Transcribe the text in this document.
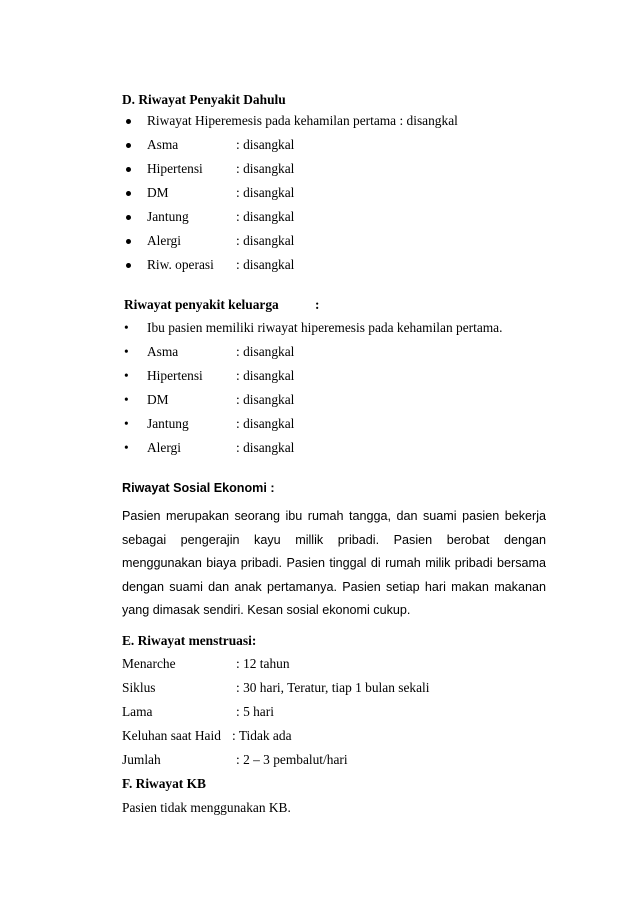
D. Riwayat Penyakit Dahulu
Riwayat Hiperemesis pada kehamilan pertama : disangkal
Asma	: disangkal
Hipertensi : disangkal
DM	: disangkal
Jantung	: disangkal
Alergi	: disangkal
Riw. operasi : disangkal
Riwayat penyakit keluarga	:
• Ibu pasien memiliki riwayat hiperemesis pada kehamilan pertama.
• Asma	: disangkal
• Hipertensi : disangkal
• DM	: disangkal
• Jantung	: disangkal
• Alergi	: disangkal
Riwayat Sosial Ekonomi :

Pasien merupakan seorang ibu rumah tangga, dan suami pasien bekerja sebagai pengerajin kayu millik pribadi. Pasien berobat dengan menggunakan biaya pribadi. Pasien tinggal di rumah milik pribadi bersama dengan suami dan anak pertamanya. Pasien setiap hari makan makanan yang dimasak sendiri. Kesan sosial ekonomi cukup.

E. Riwayat menstruasi:
Menarche	: 12 tahun
Siklus	: 30 hari, Teratur, tiap 1 bulan sekali
Lama	: 5 hari
Keluhan saat Haid : Tidak ada
Jumlah	: 2 – 3 pembalut/hari
F. Riwayat KB
Pasien tidak menggunakan KB.
